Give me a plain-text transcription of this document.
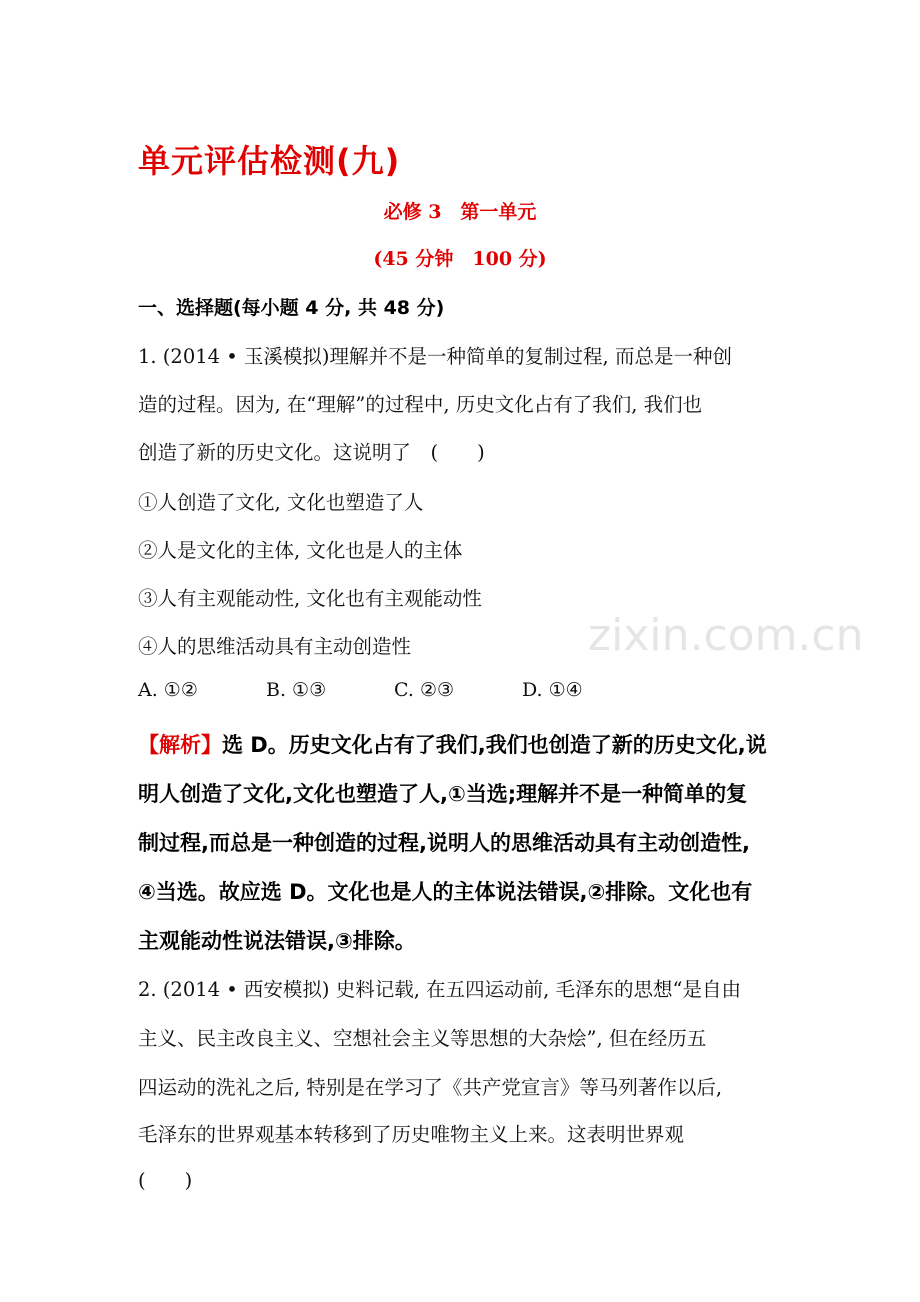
单元评估检测(九)
必修 3　第一单元
(45 分钟　100 分)
一、选择题(每小题 4 分, 共 48 分)
1. (2014 • 玉溪模拟)理解并不是一种简单的复制过程, 而总是一种创
造的过程。因为, 在“理解”的过程中, 历史文化占有了我们, 我们也
创造了新的历史文化。这说明了　(　　)
①人创造了文化, 文化也塑造了人
②人是文化的主体, 文化也是人的主体
③人有主观能动性, 文化也有主观能动性
④人的思维活动具有主动创造性
A. ①②	B. ①③	C. ②③	D. ①④
【解析】选 D。历史文化占有了我们,我们也创造了新的历史文化,说
明人创造了文化,文化也塑造了人,①当选;理解并不是一种简单的复
制过程,而总是一种创造的过程,说明人的思维活动具有主动创造性,
④当选。故应选 D。文化也是人的主体说法错误,②排除。文化也有
主观能动性说法错误,③排除。
2. (2014 • 西安模拟) 史料记载, 在五四运动前, 毛泽东的思想“是自由
主义、民主改良主义、空想社会主义等思想的大杂烩”, 但在经历五
四运动的洗礼之后, 特别是在学习了《共产党宣言》等马列著作以后,
毛泽东的世界观基本转移到了历史唯物主义上来。这表明世界观
(　　)
zixin.com.cn
